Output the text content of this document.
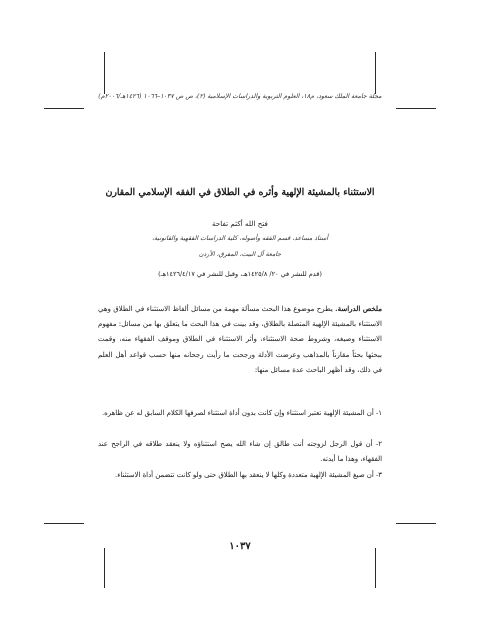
مجلة جامعة الملك سعود، م١٨، العلوم التربوية والدراسات الإسلامية (٢)، ص ص ١٠٣٧–١٠٦٦ (١٤٢٦هـ/٢٠٠٦م)
الاستثناء بالمشيئة الإلهية وأثره في الطلاق في الفقه الإسلامي المقارن
فتح الله أكثم تفاحة
أستاذ مساعد، قسم الفقه وأصوله، كلية الدراسات الفقهية والقانونية،
جامعة آل البيت، المفرق، الأردن
(قدم للنشر في ٢٠/ ١٤٢٥/٨هـ، وقبل للنشر في ١٤٢٦/٤/١٧هـ)
ملخص الدراسة. يطرح موضوع هذا البحث مسألة مهمة من مسائل ألفاظ الاستثناء في الطلاق وهي الاستثناء بالمشيئة الإلهية المتصلة بالطلاق، وقد بينت في هذا البحث ما يتعلق بها من مسائل: مفهوم الاستثناء وصيغه، وشروط صحة الاستثناء، وأثر الاستثناء في الطلاق وموقف الفقهاء منه، وقمت ببحثها بحثاً مقارناً بالمذاهب وعرضت الأدلة ورجحت ما رأيت رجحانه منها حسب قواعد أهل العلم في ذلك، وقد أظهر الباحث عدة مسائل منها:
١- أن المشيئة الإلهية تعتبر استثناء وإن كانت بدون أداة استثناء لصرفها الكلام السابق له عن ظاهره.
٢- أن قول الرجل لزوجته أنت طالق إن شاء الله يصح استثناؤه ولا ينعقد طلاقه في الراجح عند الفقهاء، وهذا ما أيدته.
٣- أن صيغ المشيئة الإلهية متعددة وكلها لا ينعقد بها الطلاق حتى ولو كانت تتضمن أداة الاستثناء.
١٠٣٧
